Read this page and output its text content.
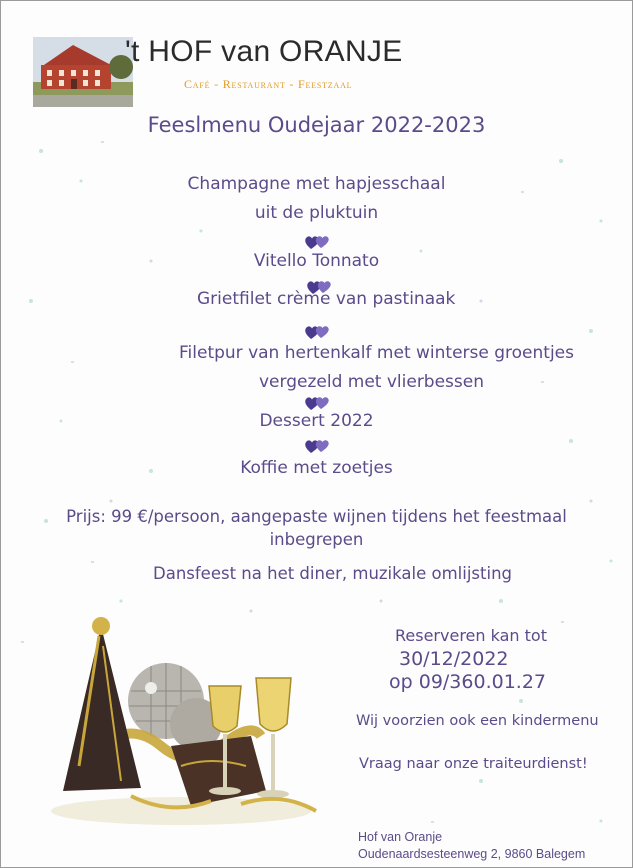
't HOF van ORANJE
Café - Restaurant - Feestzaal
Feeslmenu Oudejaar 2022-2023
Champagne met hapjesschaal
uit de pluktuin
Vitello Tonnato
Grietfilet crème van pastinaak
Filetpur van hertenkalf met winterse groentjes
vergezeld met vlierbessen
Dessert 2022
Koffie met zoetjes
Prijs: 99 €/persoon, aangepaste wijnen tijdens het feestmaal
inbegrepen
Dansfeest na het diner, muzikale omlijsting
Reserveren kan tot
30/12/2022
op 09/360.01.27
Wij voorzien ook een kindermenu
Vraag naar onze traiteurdienst!
Hof van Oranje
Oudenaardsesteenweg 2, 9860 Balegem
